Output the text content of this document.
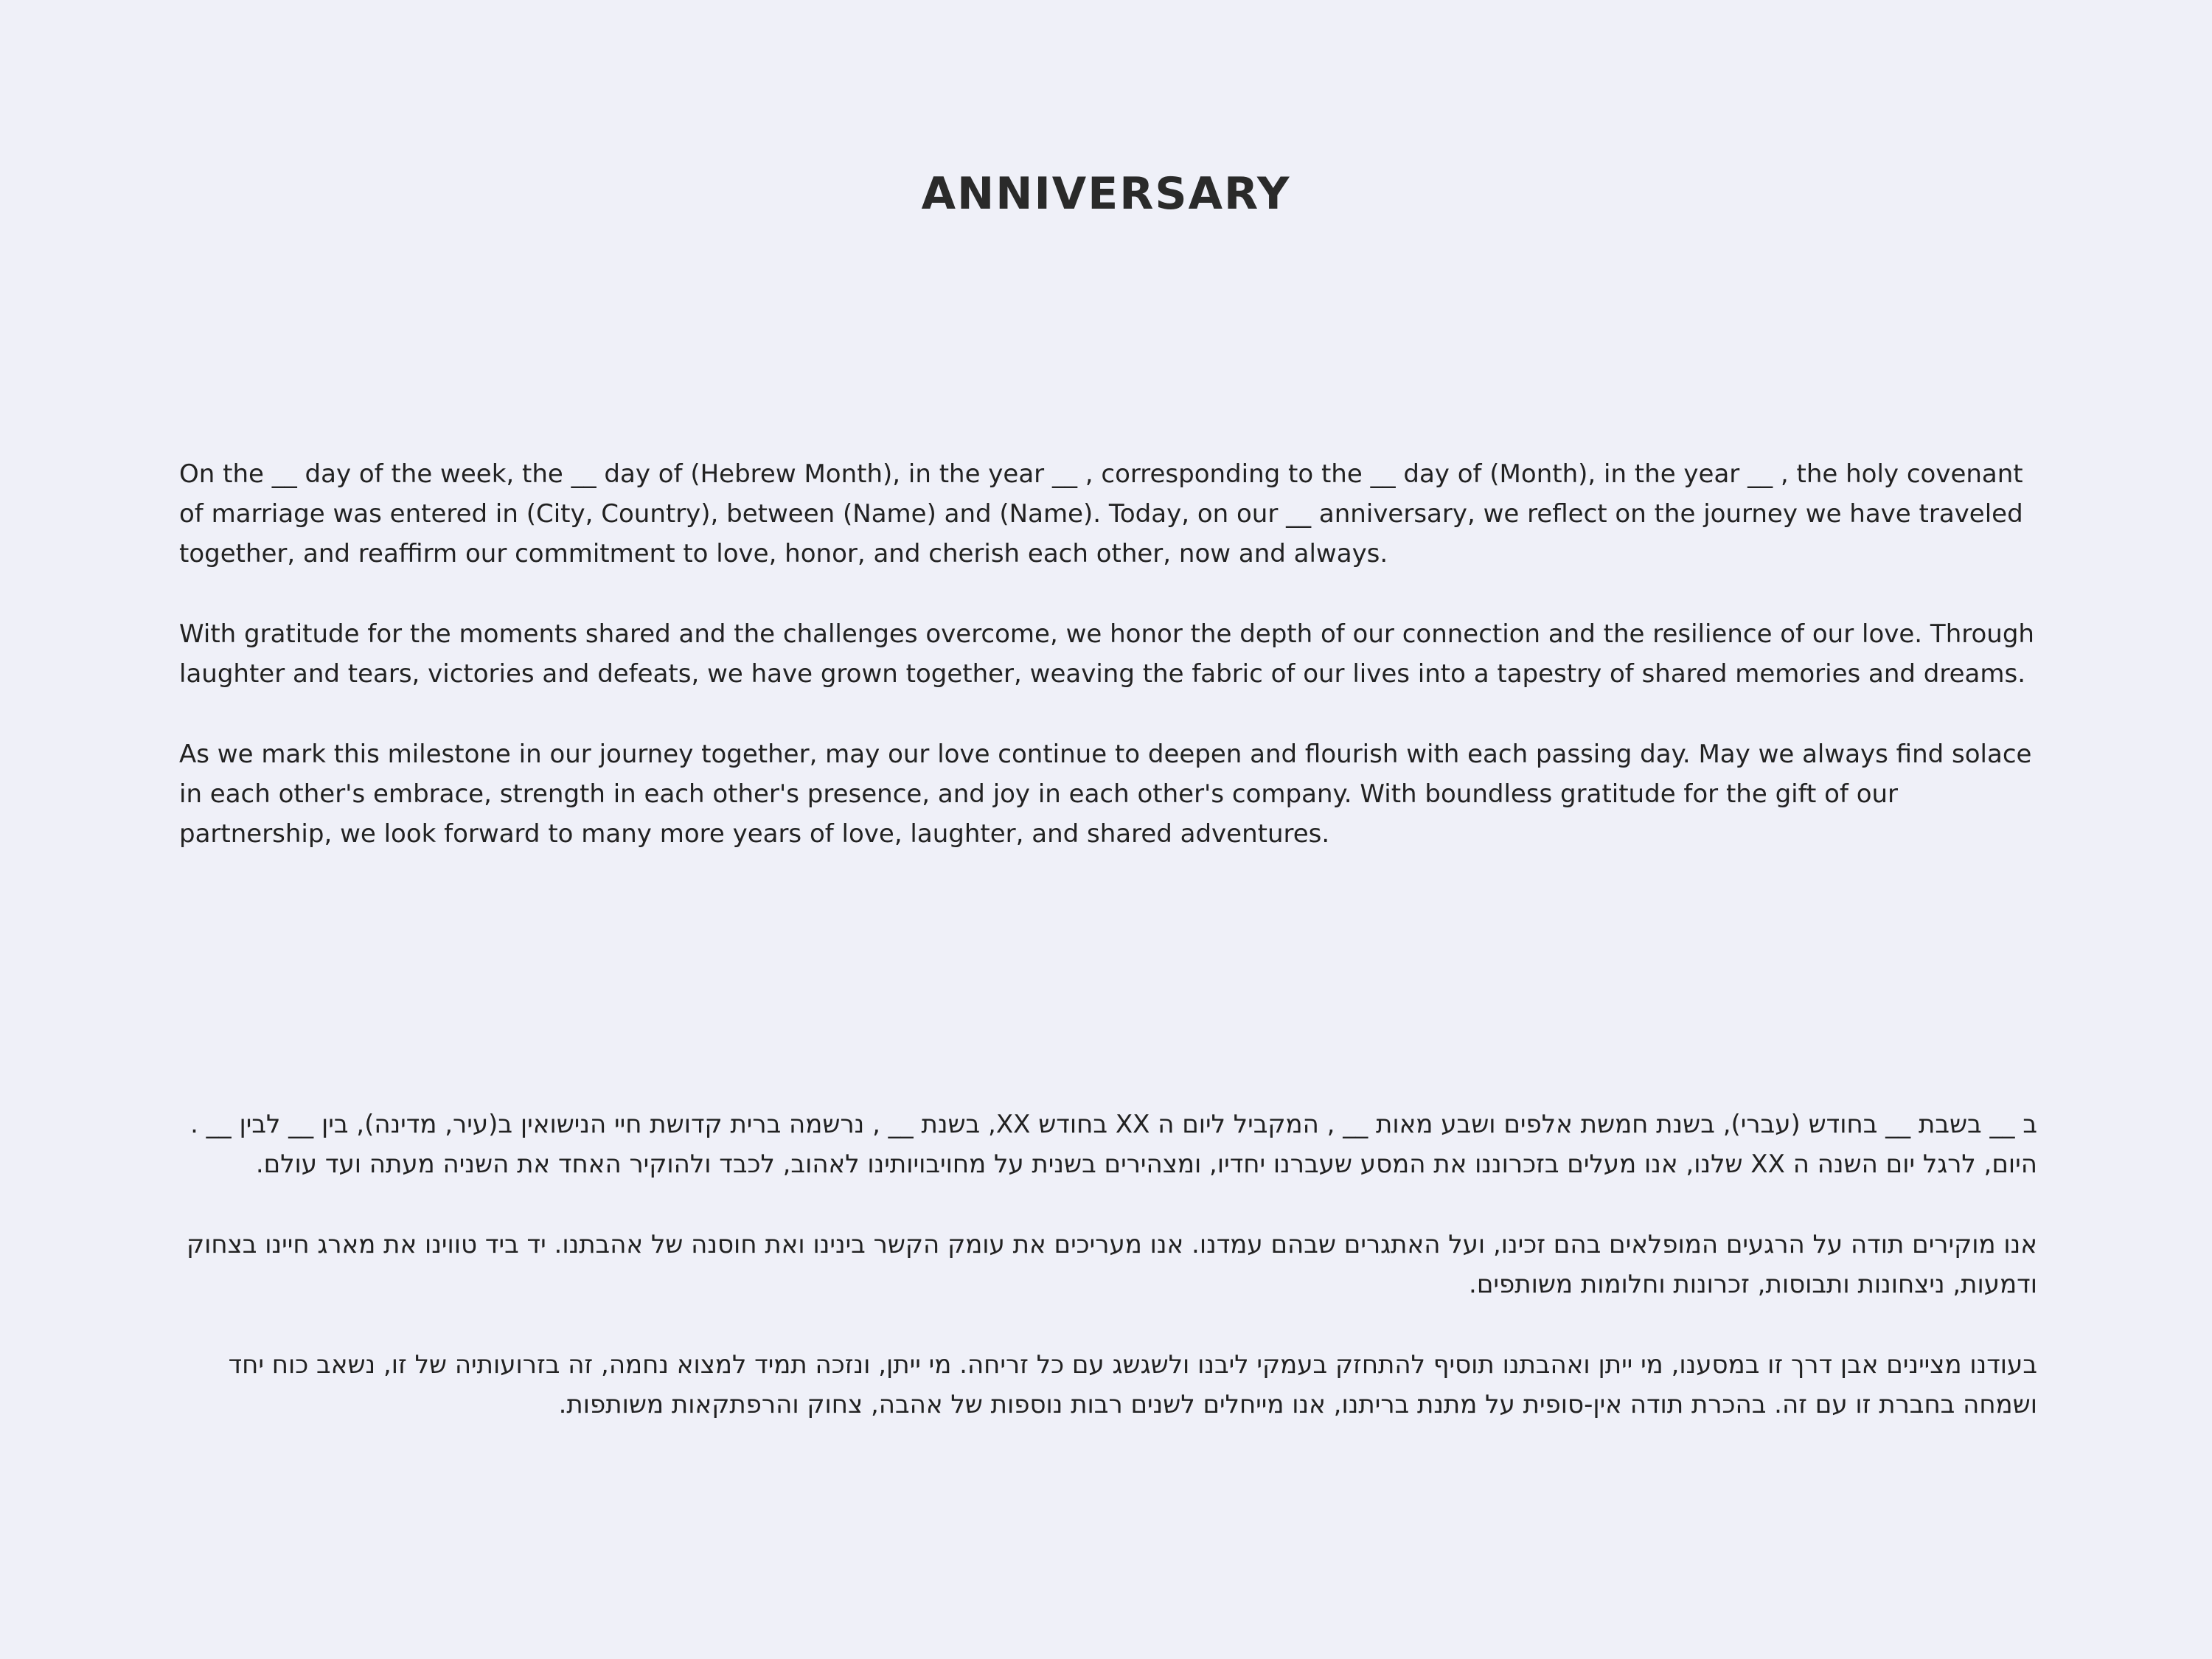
ANNIVERSARY

On the __ day of the week, the __ day of (Hebrew Month), in the year __ , corresponding to the __ day of (Month), in the year __ , the holy covenant of marriage was entered in (City, Country), between (Name) and (Name). Today, on our __ anniversary, we reflect on the journey we have traveled together, and reaffirm our commitment to love, honor, and cherish each other, now and always.

With gratitude for the moments shared and the challenges overcome, we honor the depth of our connection and the resilience of our love. Through laughter and tears, victories and defeats, we have grown together, weaving the fabric of our lives into a tapestry of shared memories and dreams.

As we mark this milestone in our journey together, may our love continue to deepen and flourish with each passing day. May we always find solace in each other's embrace, strength in each other's presence, and joy in each other's company. With boundless gratitude for the gift of our partnership, we look forward to many more years of love, laughter, and shared adventures.

ב __ בשבת __ בחודש (עברי), בשנת חמשת אלפים ושבע מאות __ , המקביל ליום ה XX בחודש XX, בשנת __ , נרשמה ברית קדושת חיי הנישואין ב(עיר, מדינה), בין __ לבין __ . היום, לרגל יום השנה ה XX שלנו, אנו מעלים בזכרוננו את המסע שעברנו יחדיו, ומצהירים בשנית על מחויבויותינו לאהוב, לכבד ולהוקיר האחד את השניה מעתה ועד עולם.

אנו מוקירים תודה על הרגעים המופלאים בהם זכינו, ועל האתגרים שבהם עמדנו. אנו מעריכים את עומק הקשר בינינו ואת חוסנה של אהבתנו. יד ביד טווינו את מארג חיינו בצחוק ודמעות, ניצחונות ותבוסות, זכרונות וחלומות משותפים.

בעודנו מציינים אבן דרך זו במסענו, מי ייתן ואהבתנו תוסיף להתחזק בעמקי ליבנו ולשגשג עם כל זריחה. מי ייתן, ונזכה תמיד למצוא נחמה, זה בזרועותיה של זו, נשאב כוח יחד ושמחה בחברת זו עם זה. בהכרת תודה אין-סופית על מתנת בריתנו, אנו מייחלים לשנים רבות נוספות של אהבה, צחוק והרפתקאות משותפות.
